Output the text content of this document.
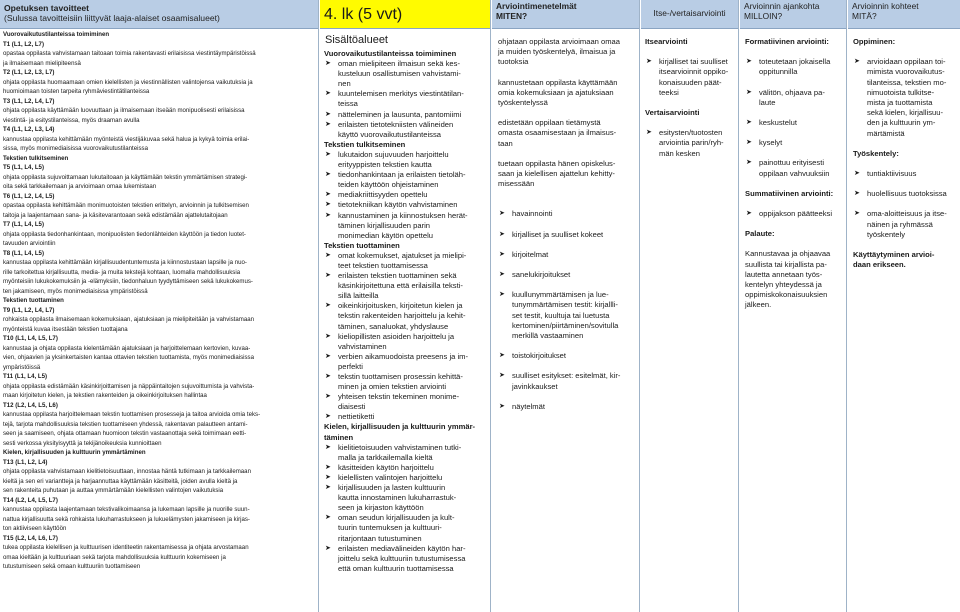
Opetuksen tavoitteet
(Sulussa tavoitteisiin liittyvät laaja-alaiset osaamisalueet)
Vuorovaikutustilanteissa toimiminen
T1 (L1, L2, L7)
opastaa oppilasta vahvistamaan taitoaan toimia rakentavasti erilaisissa viestintäympäristöissä
ja ilmaisemaan mielipiteensä
T2 (L1, L2, L3, L7)
ohjata oppilasta huomaamaan omien kielellisten ja viestinnällisten valintojensa vaikutuksia ja
huomioimaan toisten tarpeita ryhmäviestintätilanteissa
T3 (L1, L2, L4, L7)
ohjata oppilasta käyttämään luovuuttaan ja ilmaisemaan itseään monipuolisesti erilaisissa
viestintä- ja esitystilanteissa, myös draaman avulla
T4 (L1, L2, L3, L4)
kannustaa oppilasta kehittämään myönteistä viestijäkuvaa sekä halua ja kykyä toimia erilai-
sissa, myös monimediaisissa vuorovaikutustilanteissa
Tekstien tulkitseminen
T5 (L1, L4, L5)
ohjata oppilasta sujuvoittamaan lukutaitoaan ja käyttämään tekstin ymmärtämisen strategi-
oita sekä tarkkailemaan ja arvioimaan omaa lukemistaan
T6 (L1, L2, L4, L5)
opastaa oppilasta kehittämään monimuotoisten tekstien erittelyn, arvioinnin ja tulkitsemisen
taitoja ja laajentamaan sana- ja käsitevarantoaan sekä edistämään ajattelutaitojaan
T7 (L1, L4, L5)
ohjata oppilasta tiedonhankintaan, monipuolisten tiedonlähteiden käyttöön ja tiedon luotet-
tavuuden arviointiin
T8 (L1, L4, L5)
kannustaa oppilasta kehittämään kirjallisuudentuntemusta ja kiinnostustaan lapsille ja nuo-
rille tarkoitettua kirjallisuutta, media- ja muita tekstejä kohtaan, luomalla mahdollisuuksia
myönteisiin lukukokemuksiin ja -elämyksiin, tiedonhaluun tyydyttämiseen sekä lukukokemus-
ten jakamiseen, myös monimediaisissa ympäristöissä
Tekstien tuottaminen
T9 (L1, L2, L4, L7)
rohkaista oppilasta ilmaisemaan kokemuksiaan, ajatuksiaan ja mielipiteitään ja vahvistamaan
myönteistä kuvaa itsestään tekstien tuottajana
T10 (L1, L4, L5, L7)
kannustaa ja ohjata oppilasta kielentämään ajatuksiaan ja harjoittelemaan kertovien, kuvaa-
vien, ohjaavien ja yksinkertaisten kantaa ottavien tekstien tuottamista, myös monimediaisissa
ympäristöissä
T11 (L1, L4, L5)
ohjata oppilasta edistämään käsinkirjoittamisen ja näppäintaitojen sujuvoittumista ja vahvista-
maan kirjoitetun kielen, ja tekstien rakenteiden ja oikeinkirjoituksen hallintaa
T12 (L2, L4, L5, L6)
kannustaa oppilasta harjoittelemaan tekstin tuottamisen prosesseja ja taitoa arvioida omia teks-
tejä, tarjota mahdollisuuksia tekstien tuottamiseen yhdessä, rakentavan palautteen antami-
seen ja saamiseen, ohjata ottamaan huomioon tekstin vastaanottaja sekä toimimaan eetti-
sesti verkossa yksityisyyttä ja tekijänoikeuksia kunnioittaen
Kielen, kirjallisuuden ja kulttuurin ymmärtäminen
T13 (L1, L2, L4)
ohjata oppilasta vahvistamaan kielitietoisuuttaan, innostaa häntä tutkimaan ja tarkkailemaan
kieltä ja sen eri variantteja ja harjaannuttaa käyttämään käsitteitä, joiden avulla kieltä ja
sen rakenteita puhutaan ja auttaa ymmärtämään kielellisten valintojen vaikutuksia
T14 (L2, L4, L5, L7)
kannustaa oppilasta laajentamaan tekstivalikoimaansa ja lukemaan lapsille ja nuorille suun-
nattua kirjallisuutta sekä rohkaista lukuharrastukseen ja lukuelämysten jakamiseen ja kirjas-
ton aktiiviseen käyttöön
T15 (L2, L4, L6, L7)
tukea oppilasta kielellisen ja kulttuurisen identiteetin rakentamisessa ja ohjata arvostamaan
omaa kieltään ja kulttuuriaan sekä tarjota mahdollisuuksia kulttuurin kokemiseen ja
tutustumiseen sekä omaan kulttuuriin tuottamiseen
4. lk (5 vvt)
Sisältöalueet
Vuorovaikutustilanteissa toimiminen
➤ oman mielipiteen ilmaisun sekä kes-
kusteluun osallistumisen vahvistami-
nen
➤ kuuntelemisen merkitys viestintätilan-
teissa
➤ nätteleminen ja lausunta, pantomiimi
➤ erilaisten tietotekniisten välineiden
käyttö vuorovaikutustilanteissa
Tekstien tulkitseminen
➤ lukutaidon sujuvuuden harjoittelu
erityyppisten tekstien kautta
➤ tiedonhankintaan ja erilaisten tietoläh-
teiden käyttöön ohjeistaminen
➤ mediakriittisyyden opettelu
➤ tietotekniikan käytön vahvistaminen
➤ kannustaminen ja kiinnostuksen herät-
täminen kirjallisuuden parin
monimedian käytön opettelu
Tekstien tuottaminen
➤ omat kokemukset, ajatukset ja mielipi-
teet tekstien tuottamisessa
➤ erilaisten tekstien tuottaminen sekä
käsinkirjoitettuna että erilaisilla teksti-
sillä laitteilla
➤ oikeinkirjoitusken, kirjoitetun kielen ja
tekstin rakenteiden harjoittelu ja kehit-
täminen, sanaluokat, yhdyslause
➤ kieliopillisten asioiden harjoittelu ja
vahvistaminen
➤ verbien aikamuodoista preesens ja im-
perfekti
➤ tekstin tuottamisen prosessin kehittä-
minen ja omien tekstien arviointi
➤ yhteisen tekstin tekeminen monime-
diaisesti
➤ nettietiketti
Kielen, kirjallisuuden ja kulttuurin ymmär-
täminen
➤ kielitietoisuuden vahvistaminen tutki-
malla ja tarkkailemalla kieltä
➤ käsitteiden käytön harjoittelu
➤ kielellisten valintojen harjoittelu
➤ kirjallisuuden ja lasten kulttuurin
kautta innostaminen lukuharrastuk-
seen ja kirjaston käyttöön
➤ oman seudun kirjallisuuden ja kult-
tuurin tuntemuksen ja kulttuuri-
ritarjontaan tutustuminen
➤ erilaisten mediavälineiden käytön har-
joittelu sekä kulttuuriin tutustumisessa
että oman kulttuurin tuottamisessa
Arviointimenetelmät
MITEN?
ohjataan oppilasta arvioimaan omaa
ja muiden työskentelyä, ilmaisua ja
tuotoksia
kannustetaan oppilasta käyttämään
omia kokemuksiaan ja ajatuksiaan
työskentelyssä
edistetään oppilaan tietämystä
omasta osaamisestaan ja ilmaisus-
taan
tuetaan oppilasta hänen opiskelus-
saan ja kielellisen ajattelun kehitty-
misessään
➤ havainnointi
➤ kirjalliset ja suulliset kokeet
➤ kirjoitelmat
➤ sanelukirjoitukset
➤ kuullunymmärtämisen ja lue-
tunymmärtämisen testit: kirjallli-
set testit, kuultuja tai luetusta
kertominen/piirtäminen/sovitulla
merkillä vastaaminen
➤ toistokirjoitukset
➤ suulliset esitykset: esitelmät, kir-
javinkkaukset
➤ näytelmät
Itse-/vertaisarviointi
Itsearviointi
➤ kirjalliset tai suulliset
itsearvioinnit oppiko-
konaisuuden päät-
teeksi
Vertaisarviointi
➤ esitysten/tuotosten
arviointia parin/ryh-
män kesken
Arvioinnin ajankohta
MILLOIN?
Formatiivinen arviointi:
➤ toteutetaan jokaisella
oppitunnilla
➤ välitön, ohjaava pa-
laute
➤ keskustelut
➤ kyselyt
➤ painottuu erityisesti
oppilaan vahvuuksiin
Summatiivinen arviointi:
➤ oppijakson päätteeksi
Palaute:
Kannustavaa ja ohjaavaa
suullista tai kirjallista pa-
lautetta annetaan työs-
kentelyn yhteydessä ja
oppimiskokonaisuuksien
jälkeen.
Arvioinnin kohteet
MITÄ?
Oppiminen:
➤ arvioidaan oppilaan toi-
mimista vuorovaikutus-
tilanteissa, tekstien mo-
nimuotoista tulkitse-
mista ja tuottamista
sekä kielen, kirjallisuu-
den ja kulttuurin ym-
märtämistä
Työskentely:
➤ tuntiaktiivisuus
➤ huolellisuus tuotoksissa
➤ oma-aloitteisuus ja itse-
näinen ja ryhmässä
työskentely
Käyttäytyminen arvioi-
daan erikseen.
